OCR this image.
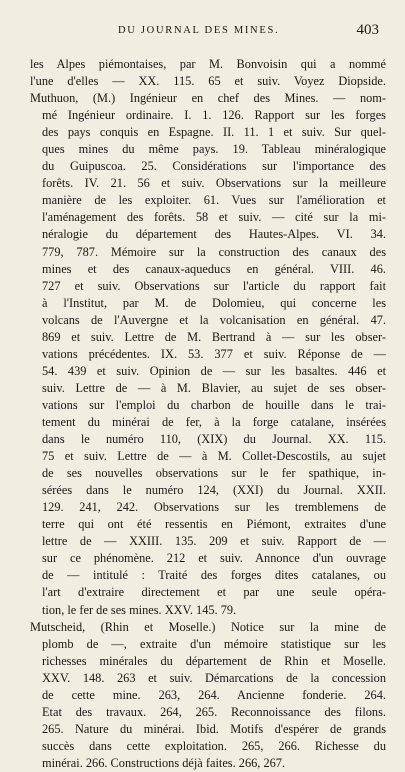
DU JOURNAL DES MINES.	403
les Alpes piémontaises, par M. Bonvoisin qui a nommé
l'une d'elles — XX. 115. 65 et suiv. Voyez Diopside.
Muthuon, (M.) Ingénieur en chef des Mines. — nom-
mé Ingénieur ordinaire. I. 1. 126. Rapport sur les forges
des pays conquis en Espagne. II. 11. 1 et suiv. Sur quel-
ques mines du même pays. 19. Tableau minéralogique
du Guipuscoa. 25. Considérations sur l'importance des
forêts. IV. 21. 56 et suiv. Observations sur la meilleure
manière de les exploiter. 61. Vues sur l'amélioration et
l'aménagement des forêts. 58 et suiv. — cité sur la mi-
néralogie du département des Hautes-Alpes. VI. 34.
779, 787. Mémoire sur la construction des canaux des
mines et des canaux-aqueducs en général. VIII. 46.
727 et suiv. Observations sur l'article du rapport fait
à l'Institut, par M. de Dolomieu, qui concerne les
volcans de l'Auvergne et la volcanisation en général. 47.
869 et suiv. Lettre de M. Bertrand à — sur les obser-
vations précédentes. IX. 53. 377 et suiv. Réponse de —
54. 439 et suiv. Opinion de — sur les basaltes. 446 et
suiv. Lettre de — à M. Blavier, au sujet de ses obser-
vations sur l'emploi du charbon de houille dans le trai-
tement du minérai de fer, à la forge catalane, insérées
dans le numéro 110, (XIX) du Journal. XX. 115.
75 et suiv. Lettre de — à M. Collet-Descostils, au sujet
de ses nouvelles observations sur le fer spathique, in-
sérées dans le numéro 124, (XXI) du Journal. XXII.
129. 241, 242. Observations sur les tremblemens de
terre qui ont été ressentis en Piémont, extraites d'une
lettre de — XXIII. 135. 209 et suiv. Rapport de —
sur ce phénomène. 212 et suiv. Annonce d'un ouvrage
de — intitulé : Traité des forges dites catalanes, ou
l'art d'extraire directement et par une seule opéra-
tion, le fer de ses mines. XXV. 145. 79.
Mutscheid, (Rhin et Moselle.) Notice sur la mine de
plomb de —, extraite d'un mémoire statistique sur les
richesses minérales du département de Rhin et Moselle.
XXV. 148. 263 et suiv. Démarcations de la concession
de cette mine. 263, 264. Ancienne fonderie. 264.
Etat des travaux. 264, 265. Reconnoissance des filons.
265. Nature du minérai. Ibid. Motifs d'espérer de grands
succès dans cette exploitation. 265, 266. Richesse du
minérai. 266. Constructions déjà faites. 266, 267.
